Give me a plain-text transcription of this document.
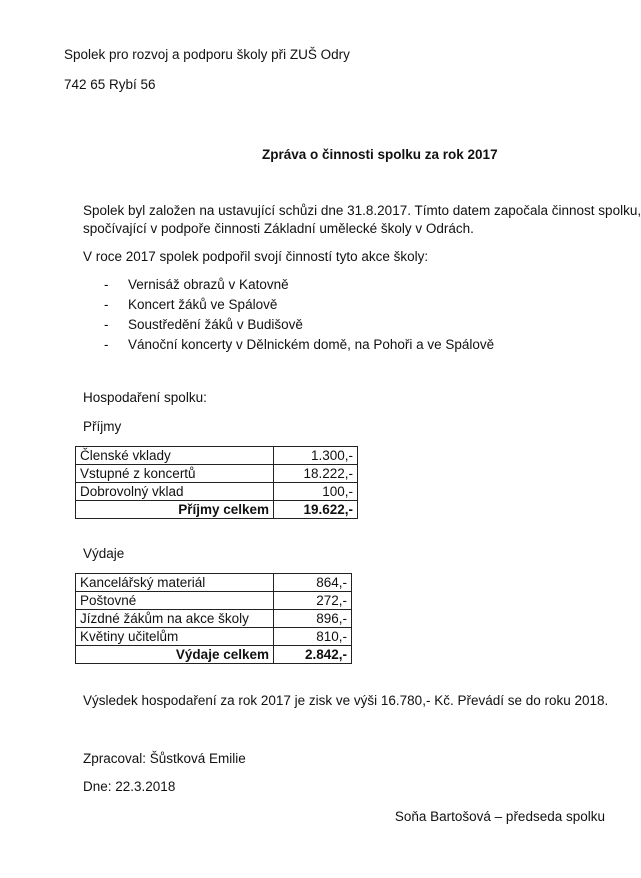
Spolek pro rozvoj a podporu školy při ZUŠ Odry
742 65 Rybí 56
Zpráva o činnosti spolku za rok 2017
Spolek byl založen na ustavující schůzi dne 31.8.2017. Tímto datem započala činnost spolku,
spočívající v podpoře činnosti Základní umělecké školy v Odrách.
V roce 2017 spolek podpořil svojí činností tyto akce školy:
- Vernisáž obrazů v Katovně
- Koncert žáků ve Spálově
- Soustředění žáků v Budišově
- Vánoční koncerty v Dělnickém domě, na Pohoři a ve Spálově
Hospodaření spolku:
Příjmy
Členské vklady	1.300,-
Vstupné z koncertů	18.222,-
Dobrovolný vklad	100,-
Příjmy celkem	19.622,-
Výdaje
Kancelářský materiál	864,-
Poštovné	272,-
Jízdné žákům na akce školy	896,-
Květiny učitelům	810,-
Výdaje celkem	2.842,-
Výsledek hospodaření za rok 2017 je zisk ve výši 16.780,- Kč. Převádí se do roku 2018.
Zpracoval: Šůstková Emilie
Dne: 22.3.2018
Soňa Bartošová – předseda spolku
